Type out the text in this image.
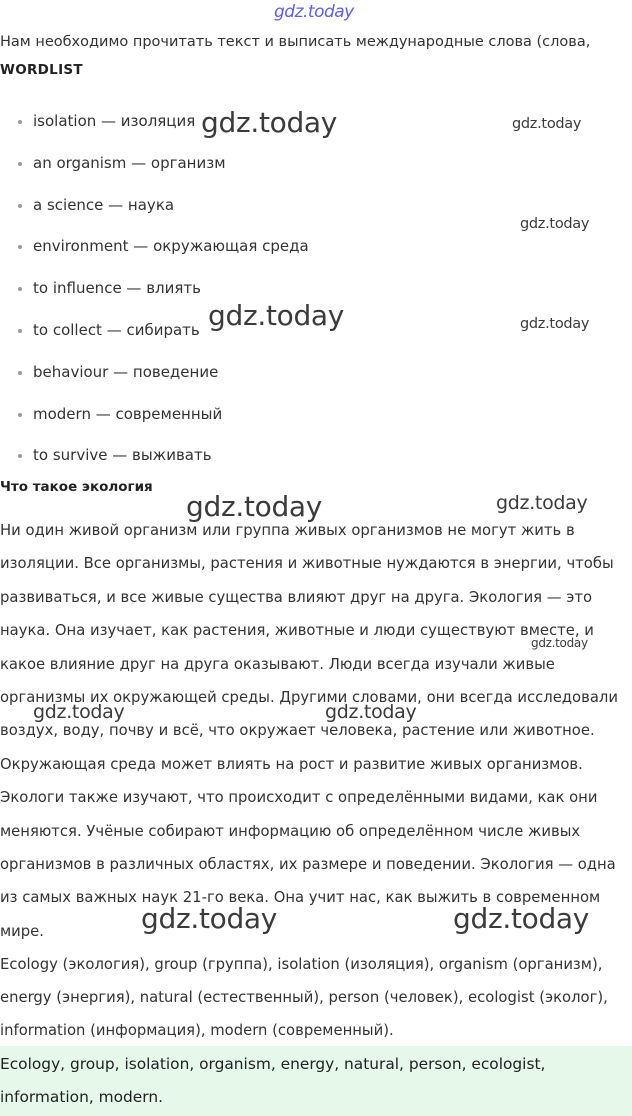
gdz.today
Нам необходимо прочитать текст и выписать международные слова (слова,
WORDLIST
isolation — изоляция
an organism — организм
a science — наука
environment — окружающая среда
to influence — влиять
to collect — сибирать
behaviour — поведение
modern — современный
to survive — выживать
Что такое экология
Ни один живой организм или группа живых организмов не могут жить в
изоляции. Все организмы, растения и животные нуждаются в энергии, чтобы
развиваться, и все живые существа влияют друг на друга. Экология — это
наука. Она изучает, как растения, животные и люди существуют вместе, и
какое влияние друг на друга оказывают. Люди всегда изучали живые
организмы их окружающей среды. Другими словами, они всегда исследовали
воздух, воду, почву и всё, что окружает человека, растение или животное.
Окружающая среда может влиять на рост и развитие живых организмов.
Экологи также изучают, что происходит с определёнными видами, как они
меняются. Учёные собирают информацию об определённом числе живых
организмов в различных областях, их размере и поведении. Экология — одна
из самых важных наук 21-го века. Она учит нас, как выжить в современном
мире.
Ecology (экология), group (группа), isolation (изоляция), organism (организм),
energy (энергия), natural (естественный), person (человек), ecologist (эколог),
information (информация), modern (современный).
Ecology, group, isolation, organism, energy, natural, person, ecologist,
information, modern.
gdz.today	gdz.today
gdz.today
gdz.today	gdz.today
gdz.today	gdz.today
gdz.today
gdz.today	gdz.today
gdz.today	gdz.today
